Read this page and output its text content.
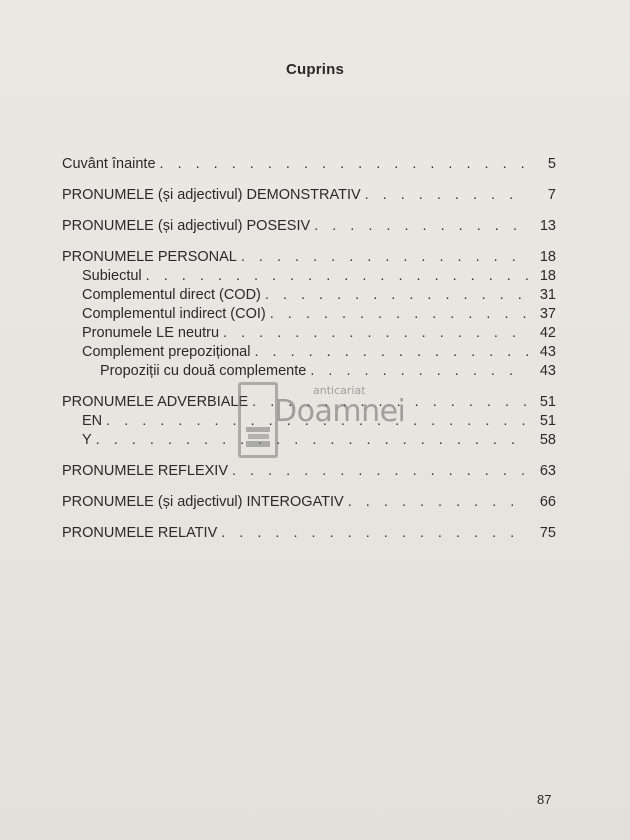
Cuprins
Cuvânt înainte . . .	5
PRONUMELE (și adjectivul) DEMONSTRATIV . . .	7
PRONUMELE (și adjectivul) POSESIV . . .	13
PRONUMELE PERSONAL . . .	18
Subiectul . . .	18
Complementul direct (COD) . . .	31
Complementul indirect (COI) . . .	37
Pronumele LE neutru . . .	42
Complement prepozițional . . .	43
Propoziții cu două complemente . . .	43
PRONUMELE ADVERBIALE . . .	51
EN . . .	51
Y . . .	58
PRONUMELE REFLEXIV . . .	63
PRONUMELE (și adjectivul) INTEROGATIV . . .	66
PRONUMELE RELATIV . . .	75
anticariat
Doamnei
87
